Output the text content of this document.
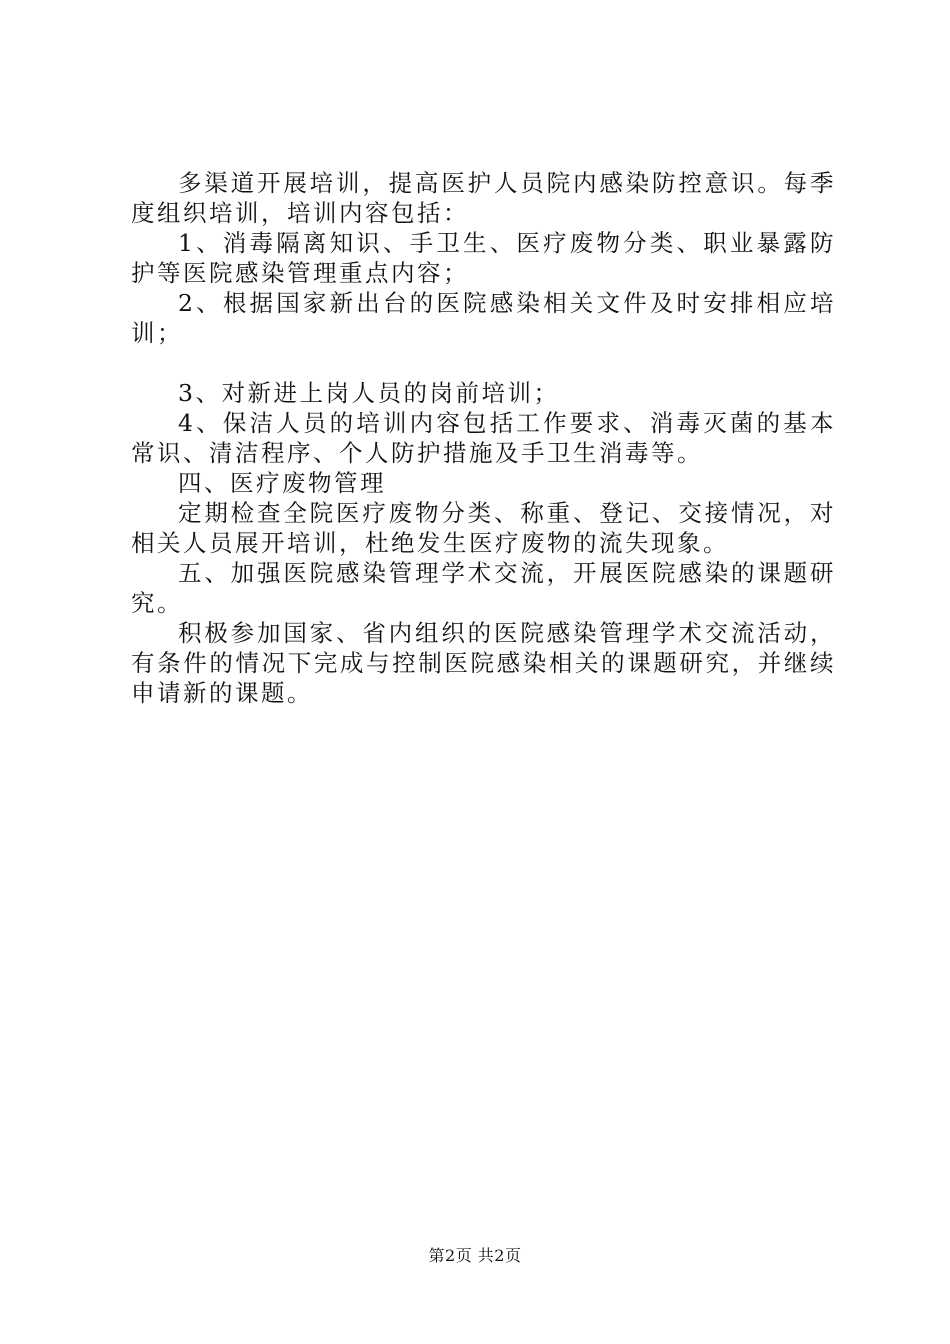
多渠道开展培训，提高医护人员院内感染防控意识。每季度组织培训，培训内容包括：

1、消毒隔离知识、手卫生、医疗废物分类、职业暴露防护等医院感染管理重点内容；

2、根据国家新出台的医院感染相关文件及时安排相应培训；

3、对新进上岗人员的岗前培训；

4、保洁人员的培训内容包括工作要求、消毒灭菌的基本常识、清洁程序、个人防护措施及手卫生消毒等。

四、医疗废物管理

定期检查全院医疗废物分类、称重、登记、交接情况，对相关人员展开培训，杜绝发生医疗废物的流失现象。

五、加强医院感染管理学术交流，开展医院感染的课题研究。

积极参加国家、省内组织的医院感染管理学术交流活动，有条件的情况下完成与控制医院感染相关的课题研究，并继续申请新的课题。

第2页 共2页
